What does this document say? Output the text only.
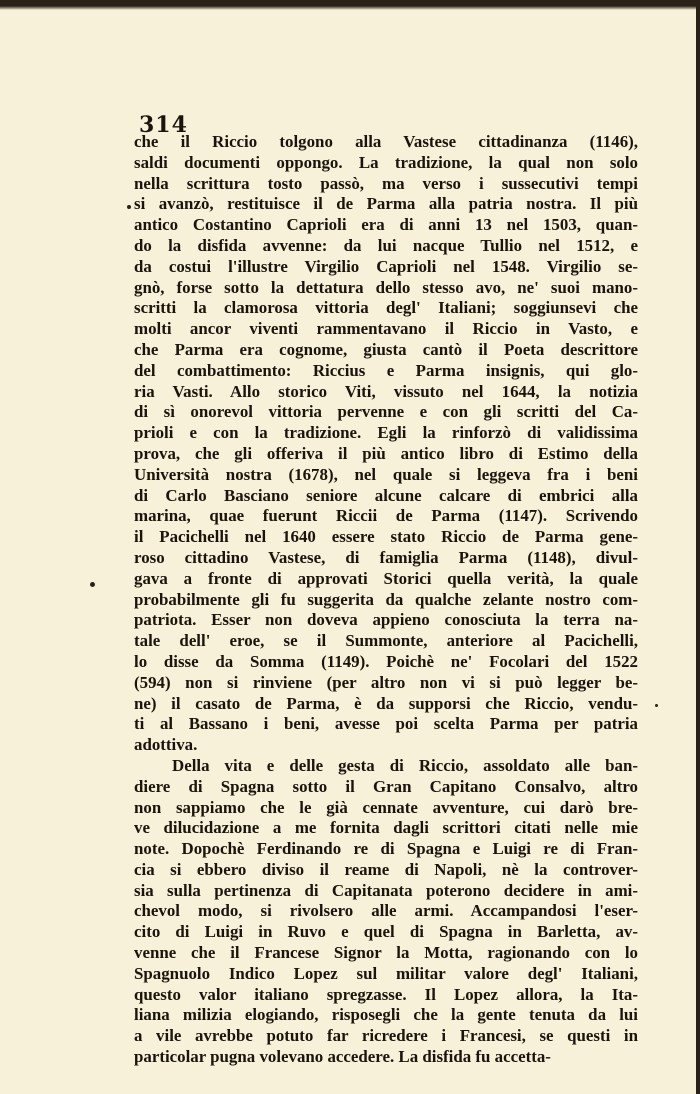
314
che il Riccio tolgono alla Vastese cittadinanza (1146),
saldi documenti oppongo. La tradizione, la qual non solo
nella scrittura tosto passò, ma verso i sussecutivi tempi
si avanzò, restituisce il de Parma alla patria nostra. Il più
antico Costantino Caprioli era di anni 13 nel 1503, quan-
do la disfida avvenne: da lui nacque Tullio nel 1512, e
da costui l'illustre Virgilio Caprioli nel 1548. Virgilio se-
gnò, forse sotto la dettatura dello stesso avo, ne' suoi mano-
scritti la clamorosa vittoria degl' Italiani; soggiunsevi che
molti ancor viventi rammentavano il Riccio in Vasto, e
che Parma era cognome, giusta cantò il Poeta descrittore
del combattimento: Riccius e Parma insignis, qui glo-
ria Vasti. Allo storico Viti, vissuto nel 1644, la notizia
di sì onorevol vittoria pervenne e con gli scritti del Ca-
prioli e con la tradizione. Egli la rinforzò di validissima
prova, che gli offeriva il più antico libro di Estimo della
Università nostra (1678), nel quale si leggeva fra i beni
di Carlo Basciano seniore alcune calcare di embrici alla
marina, quae fuerunt Riccii de Parma (1147). Scrivendo
il Pacichelli nel 1640 essere stato Riccio de Parma gene-
roso cittadino Vastese, di famiglia Parma (1148), divul-
gava a fronte di approvati Storici quella verità, la quale
probabilmente gli fu suggerita da qualche zelante nostro com-
patriota. Esser non doveva appieno conosciuta la terra na-
tale dell' eroe, se il Summonte, anteriore al Pacichelli,
lo disse da Somma (1149). Poichè ne' Focolari del 1522
(594) non si rinviene (per altro non vi si può legger be-
ne) il casato de Parma, è da supporsi che Riccio, vendu-
ti al Bassano i beni, avesse poi scelta Parma per patria
adottiva.
Della vita e delle gesta di Riccio, assoldato alle ban-
diere di Spagna sotto il Gran Capitano Consalvo, altro
non sappiamo che le già cennate avventure, cui darò bre-
ve dilucidazione a me fornita dagli scrittori citati nelle mie
note. Dopochè Ferdinando re di Spagna e Luigi re di Fran-
cia si ebbero diviso il reame di Napoli, nè la controver-
sia sulla pertinenza di Capitanata poterono decidere in ami-
chevol modo, si rivolsero alle armi. Accampandosi l'eser-
cito di Luigi in Ruvo e quel di Spagna in Barletta, av-
venne che il Francese Signor la Motta, ragionando con lo
Spagnuolo Indico Lopez sul militar valore degl' Italiani,
questo valor italiano spregzasse. Il Lopez allora, la Ita-
liana milizia elogiando, risposegli che la gente tenuta da lui
a vile avrebbe potuto far ricredere i Francesi, se questi in
particolar pugna volevano accedere. La disfida fu accetta-
